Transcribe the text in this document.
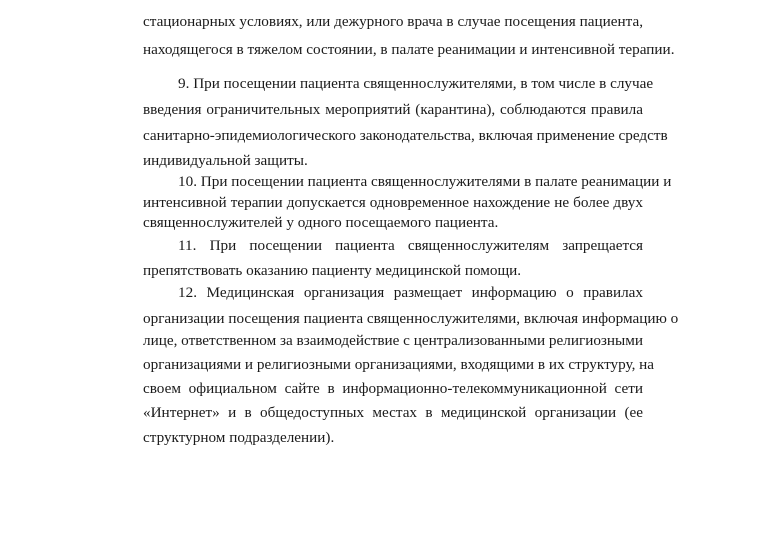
стационарных условиях, или дежурного врача в случае посещения пациента,
находящегося в тяжелом состоянии, в палате реанимации и интенсивной терапии.
9. При посещении пациента священнослужителями, в том числе в случае
введения ограничительных мероприятий (карантина), соблюдаются правила
санитарно-эпидемиологического законодательства, включая применение средств
индивидуальной защиты.
10. При посещении пациента священнослужителями в палате реанимации и
интенсивной терапии допускается одновременное нахождение не более двух
священнослужителей у одного посещаемого пациента.
11. При посещении пациента священнослужителям запрещается
препятствовать оказанию пациенту медицинской помощи.
12. Медицинская организация размещает информацию о правилах
организации посещения пациента священнослужителями, включая информацию о
лице, ответственном за взаимодействие с централизованными религиозными
организациями и религиозными организациями, входящими в их структуру, на
своем официальном сайте в информационно-телекоммуникационной сети
«Интернет» и в общедоступных местах в медицинской организации (ее
структурном подразделении).
